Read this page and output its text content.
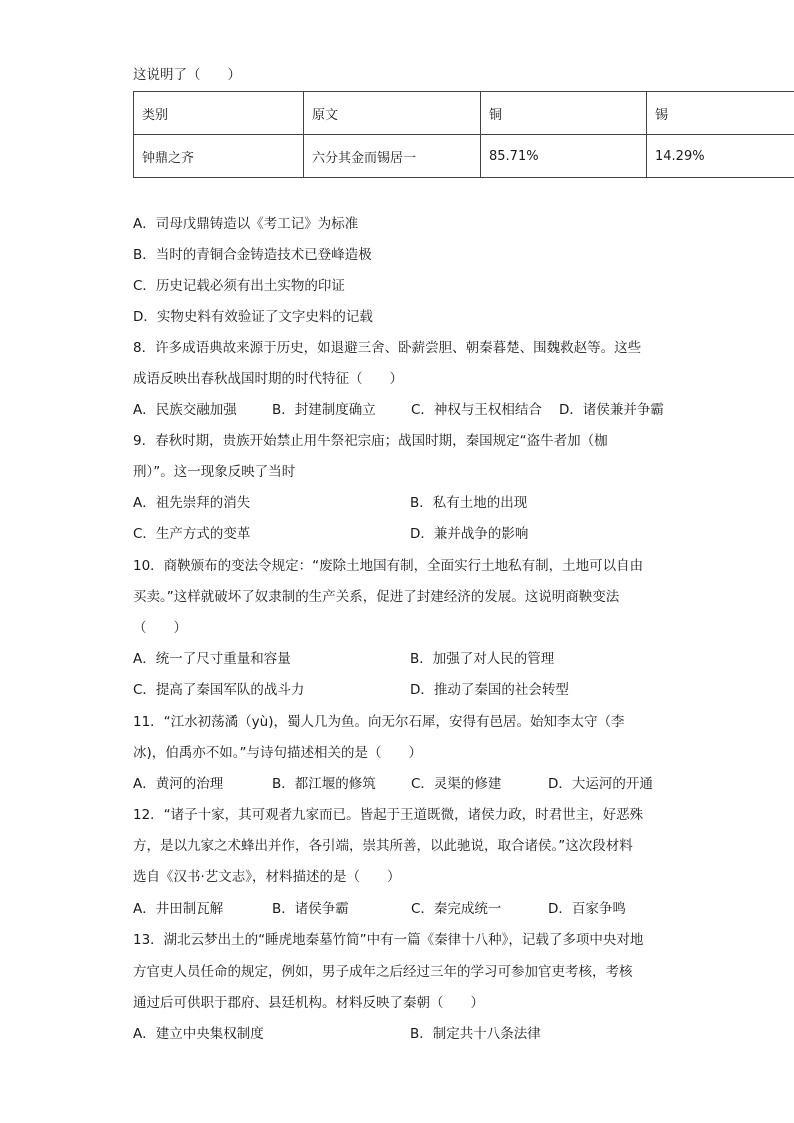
这说明了（　　）
类别	原文	铜	锡
钟鼎之齐	六分其金而锡居一	85.71%	14.29%
A．司母戊鼎铸造以《考工记》为标准
B．当时的青铜合金铸造技术已登峰造极
C．历史记载必须有出土实物的印证
D．实物史料有效验证了文字史料的记载
8．许多成语典故来源于历史，如退避三舍、卧薪尝胆、朝秦暮楚、围魏救赵等。这些
成语反映出春秋战国时期的时代特征（　　）
A．民族交融加强	B．封建制度确立	C．神权与王权相结合 D．诸侯兼并争霸
9．春秋时期，贵族开始禁止用牛祭祀宗庙；战国时期，秦国规定“盗牛者加（枷
刑）”。这一现象反映了当时
A．祖先崇拜的消失	B．私有土地的出现
C．生产方式的变革	D．兼并战争的影响
10．商鞅颁布的变法令规定：“废除土地国有制，全面实行土地私有制，土地可以自由
买卖。”这样就破坏了奴隶制的生产关系，促进了封建经济的发展。这说明商鞅变法
（　　）
A．统一了尺寸重量和容量	B．加强了对人民的管理
C．提高了秦国军队的战斗力	D．推动了秦国的社会转型
11．“江水初荡潏（yù)，蜀人几为鱼。向无尔石犀，安得有邑居。始知李太守（李
冰)，伯禹亦不如。”与诗句描述相关的是（　　）
A．黄河的治理	B．都江堰的修筑	C．灵渠的修建	D．大运河的开通
12．“诸子十家，其可观者九家而已。皆起于王道既微，诸侯力政，时君世主，好恶殊
方，是以九家之术蜂出并作，各引端，崇其所善，以此驰说，取合诸侯。”这次段材料
选自《汉书·艺文志》，材料描述的是（　　）
A．井田制瓦解	B．诸侯争霸	C．秦完成统一	D．百家争鸣
13．湖北云梦出土的“睡虎地秦墓竹简”中有一篇《秦律十八种》，记载了多项中央对地
方官吏人员任命的规定，例如，男子成年之后经过三年的学习可参加官吏考核，考核
通过后可供职于郡府、县廷机构。材料反映了秦朝（　　）
A．建立中央集权制度	B．制定共十八条法律
